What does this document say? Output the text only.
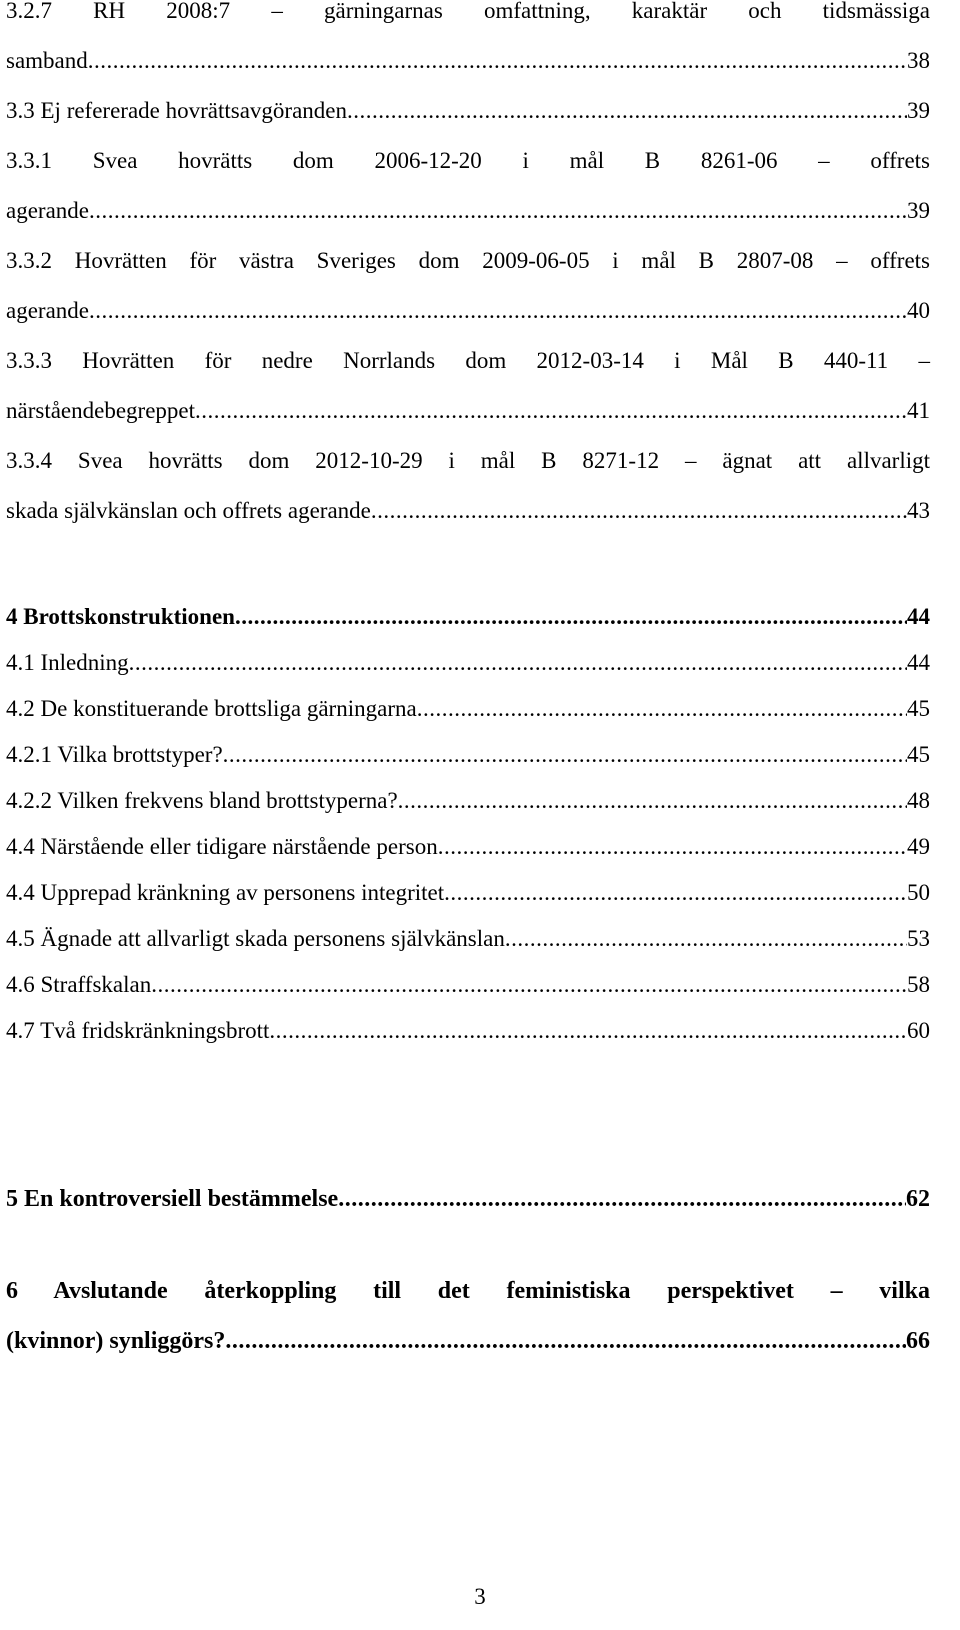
3.2.7 RH 2008:7 – gärningarnas omfattning, karaktär och tidsmässiga
samband .....	38
3.3 Ej refererade hovrättsavgöranden .....	39
3.3.1 Svea hovrätts dom 2006-12-20 i mål B 8261-06 – offrets
agerande .....	39
3.3.2 Hovrätten för västra Sveriges dom 2009-06-05 i mål B 2807-08 – offrets
agerande .....	40
3.3.3 Hovrätten för nedre Norrlands dom 2012-03-14 i Mål B 440-11 –
närståendebegreppet .....	41
3.3.4 Svea hovrätts dom 2012-10-29 i mål B 8271-12 – ägnat att allvarligt
skada självkänslan och offrets agerande .....	43
4 Brottskonstruktionen .....	44
4.1 Inledning .....	44
4.2 De konstituerande brottsliga gärningarna .....	45
4.2.1 Vilka brottstyper? .....	45
4.2.2 Vilken frekvens bland brottstyperna? .....	48
4.4 Närstående eller tidigare närstående person .....	49
4.4 Upprepad kränkning av personens integritet .....	50
4.5 Ägnade att allvarligt skada personens självkänslan .....	53
4.6 Straffskalan .....	58
4.7 Två fridskränkningsbrott .....	60
5 En kontroversiell bestämmelse .....	62
6 Avslutande återkoppling till det feministiska perspektivet – vilka
(kvinnor) synliggörs? .....	66
3
